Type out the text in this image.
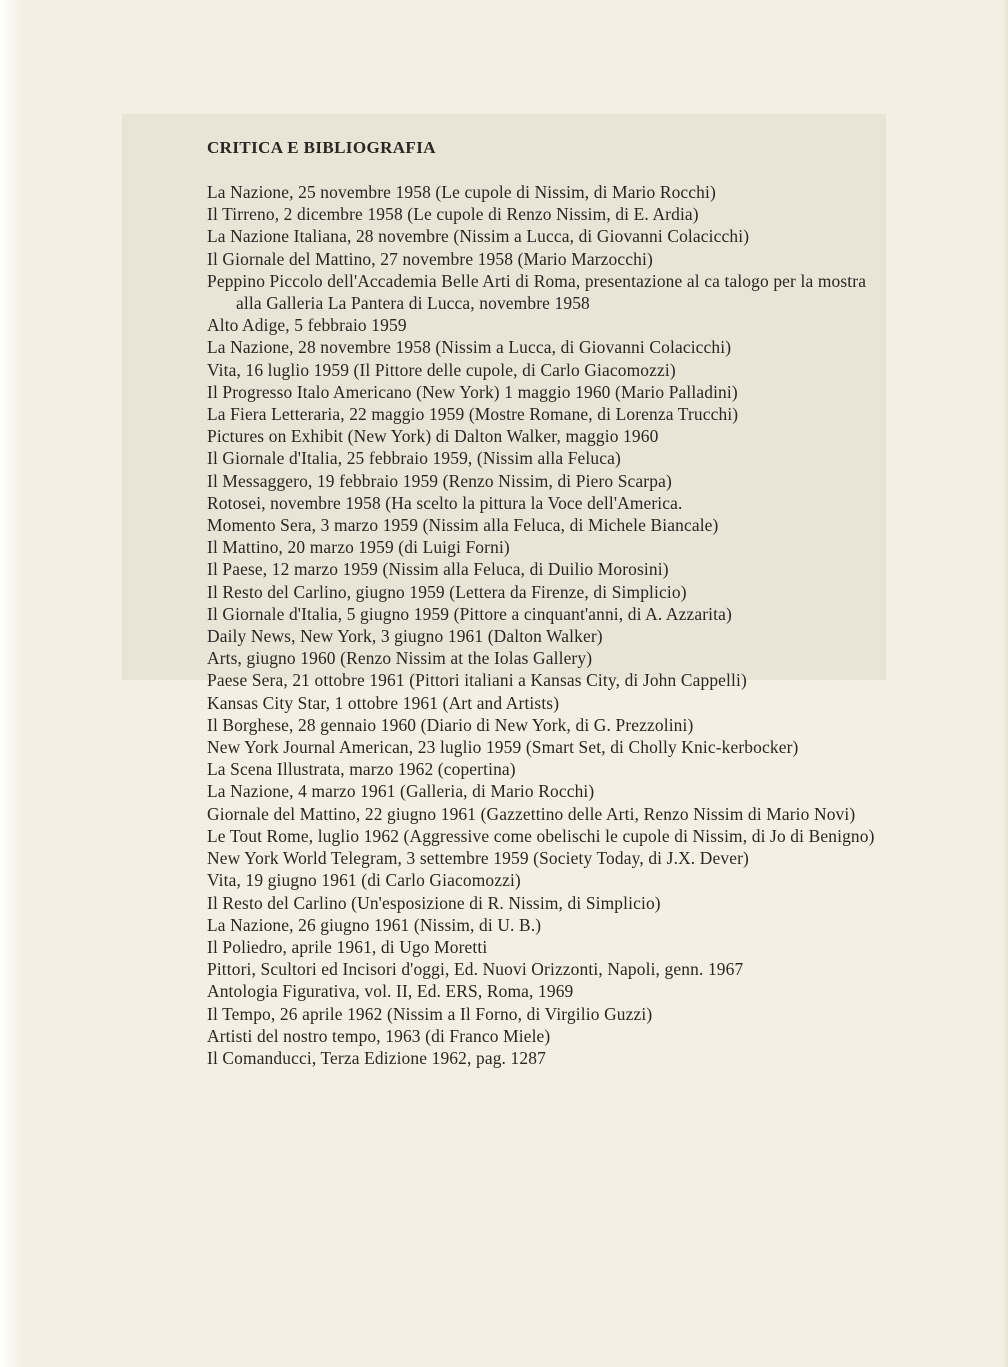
CRITICA E BIBLIOGRAFIA
La Nazione, 25 novembre 1958 (Le cupole di Nissim, di Mario Rocchi)
Il Tirreno, 2 dicembre 1958 (Le cupole di Renzo Nissim, di E. Ardia)
La Nazione Italiana, 28 novembre (Nissim a Lucca, di Giovanni Colacicchi)
Il Giornale del Mattino, 27 novembre 1958 (Mario Marzocchi)
Peppino Piccolo dell'Accademia Belle Arti di Roma, presentazione al ca talogo per la mostra alla Galleria La Pantera di Lucca, novembre 1958
Alto Adige, 5 febbraio 1959
La Nazione, 28 novembre 1958 (Nissim a Lucca, di Giovanni Colacicchi)
Vita, 16 luglio 1959 (Il Pittore delle cupole, di Carlo Giacomozzi)
Il Progresso Italo Americano (New York) 1 maggio 1960 (Mario Palladini)
La Fiera Letteraria, 22 maggio 1959 (Mostre Romane, di Lorenza Trucchi)
Pictures on Exhibit (New York) di Dalton Walker, maggio 1960
Il Giornale d'Italia, 25 febbraio 1959, (Nissim alla Feluca)
Il Messaggero, 19 febbraio 1959 (Renzo Nissim, di Piero Scarpa)
Rotosei, novembre 1958 (Ha scelto la pittura la Voce dell'America.
Momento Sera, 3 marzo 1959 (Nissim alla Feluca, di Michele Biancale)
Il Mattino, 20 marzo 1959 (di Luigi Forni)
Il Paese, 12 marzo 1959 (Nissim alla Feluca, di Duilio Morosini)
Il Resto del Carlino, giugno 1959 (Lettera da Firenze, di Simplicio)
Il Giornale d'Italia, 5 giugno 1959 (Pittore a cinquant'anni, di A. Azzarita)
Daily News, New York, 3 giugno 1961 (Dalton Walker)
Arts, giugno 1960 (Renzo Nissim at the Iolas Gallery)
Paese Sera, 21 ottobre 1961 (Pittori italiani a Kansas City, di John Cappelli)
Kansas City Star, 1 ottobre 1961 (Art and Artists)
Il Borghese, 28 gennaio 1960 (Diario di New York, di G. Prezzolini)
New York Journal American, 23 luglio 1959 (Smart Set, di Cholly Knic-kerbocker)
La Scena Illustrata, marzo 1962 (copertina)
La Nazione, 4 marzo 1961 (Galleria, di Mario Rocchi)
Giornale del Mattino, 22 giugno 1961 (Gazzettino delle Arti, Renzo Nissim di Mario Novi)
Le Tout Rome, luglio 1962 (Aggressive come obelischi le cupole di Nissim, di Jo di Benigno)
New York World Telegram, 3 settembre 1959 (Society Today, di J.X. Dever)
Vita, 19 giugno 1961 (di Carlo Giacomozzi)
Il Resto del Carlino (Un'esposizione di R. Nissim, di Simplicio)
La Nazione, 26 giugno 1961 (Nissim, di U. B.)
Il Poliedro, aprile 1961, di Ugo Moretti
Pittori, Scultori ed Incisori d'oggi, Ed. Nuovi Orizzonti, Napoli, genn. 1967
Antologia Figurativa, vol. II, Ed. ERS, Roma, 1969
Il Tempo, 26 aprile 1962 (Nissim a Il Forno, di Virgilio Guzzi)
Artisti del nostro tempo, 1963 (di Franco Miele)
Il Comanducci, Terza Edizione 1962, pag. 1287
